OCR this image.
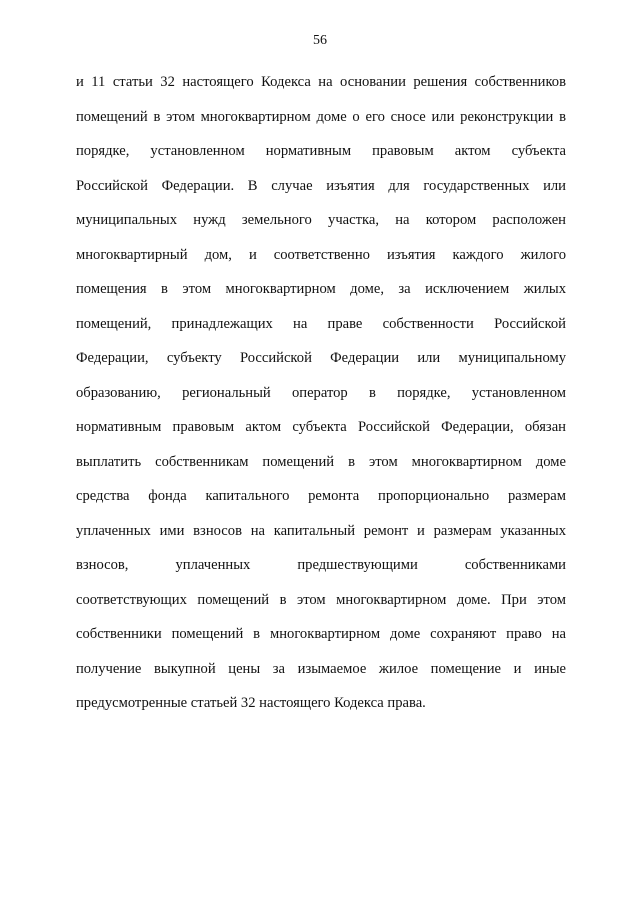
56
и 11 статьи 32 настоящего Кодекса на основании решения собственников
помещений в этом многоквартирном доме о его сносе или реконструкции в
порядке, установленном нормативным правовым актом субъекта
Российской Федерации. В случае изъятия для государственных или
муниципальных нужд земельного участка, на котором расположен
многоквартирный дом, и соответственно изъятия каждого жилого
помещения в этом многоквартирном доме, за исключением жилых
помещений, принадлежащих на праве собственности Российской
Федерации, субъекту Российской Федерации или муниципальному
образованию, региональный оператор в порядке, установленном
нормативным правовым актом субъекта Российской Федерации, обязан
выплатить собственникам помещений в этом многоквартирном доме
средства фонда капитального ремонта пропорционально размерам
уплаченных ими взносов на капитальный ремонт и размерам указанных
взносов, уплаченных предшествующими собственниками
соответствующих помещений в этом многоквартирном доме. При этом
собственники помещений в многоквартирном доме сохраняют право на
получение выкупной цены за изымаемое жилое помещение и иные
предусмотренные статьей 32 настоящего Кодекса права.
